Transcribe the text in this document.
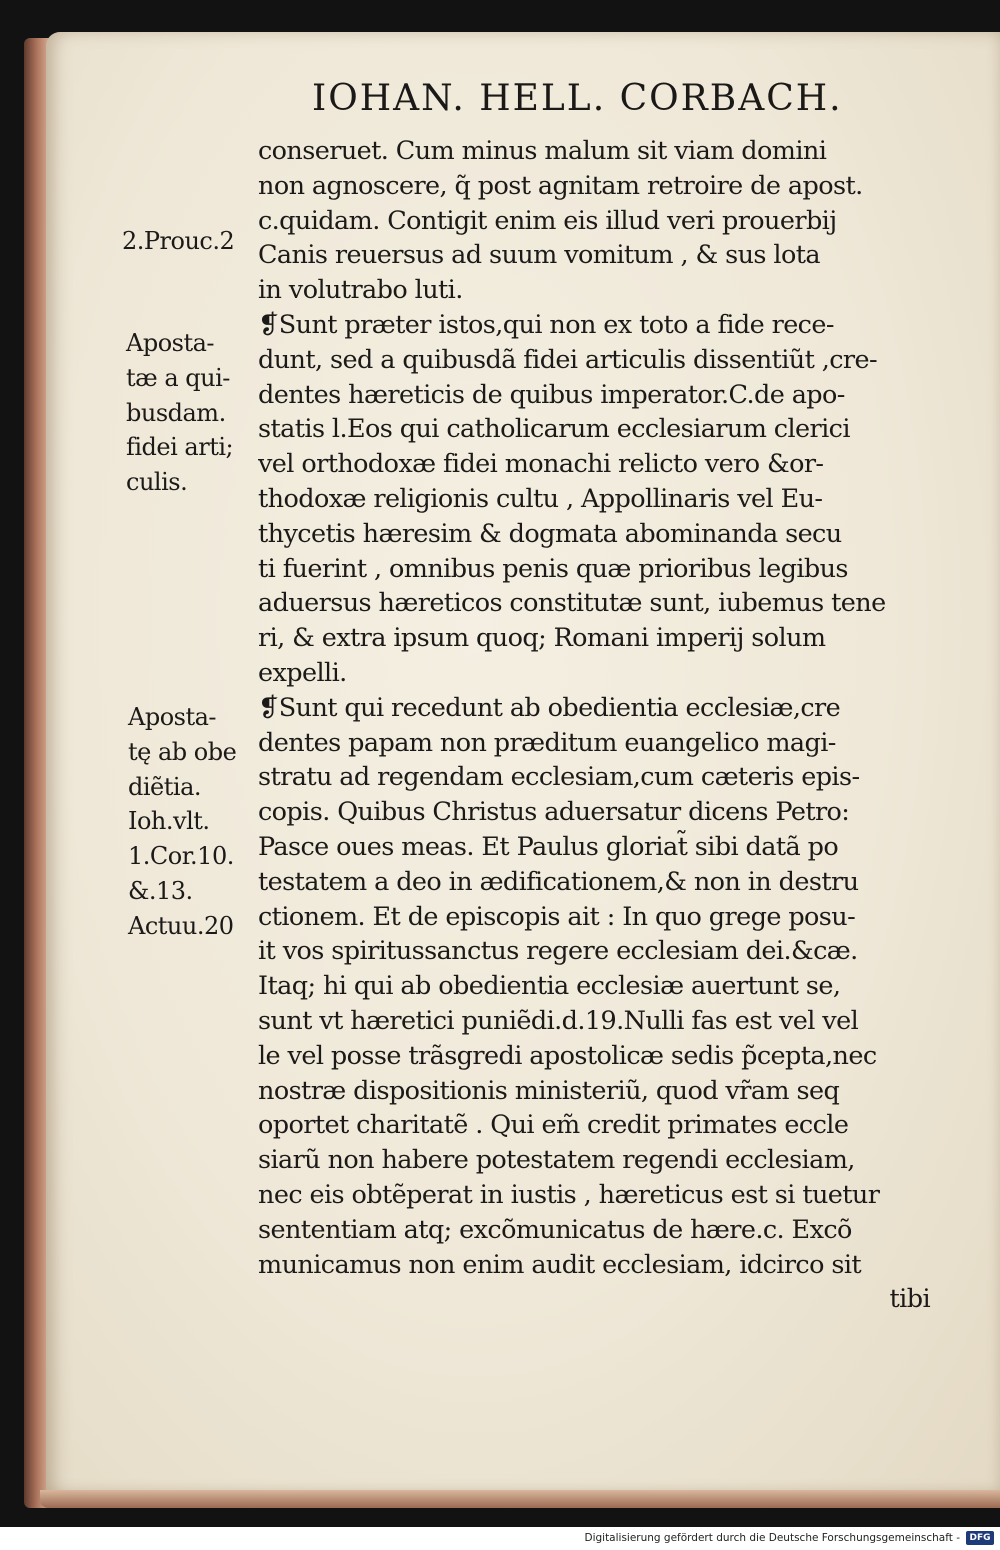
IOHAN. HELL. CORBACH.
2.Prouc.2
Aposta-
tæ a qui-
busdam.
fidei arti;
culis.
Aposta-
tę ab obe
diẽtia.
Ioh.vlt.
1.Cor.10.
&.13.
Actuu.20
conseruet. Cum minus malum sit viam domini
non agnoscere, q̃ post agnitam retroire de apost.
c.quidam. Contigit enim eis illud veri prouerbij
Canis reuersus ad suum vomitum , & sus lota
in volutrabo luti.
❡Sunt præter istos,qui non ex toto a fide rece-
dunt, sed a quibusdã fidei articulis dissentiũt ,cre-
dentes hæreticis de quibus imperator.C.de apo-
statis l.Eos qui catholicarum ecclesiarum clerici
vel orthodoxæ fidei monachi relicto vero &or-
thodoxæ religionis cultu , Appollinaris vel Eu-
thycetis hæresim & dogmata abominanda secu
ti fuerint , omnibus penis quæ prioribus legibus
aduersus hæreticos constitutæ sunt, iubemus tene
ri, & extra ipsum quoq; Romani imperij solum
expelli.
❡Sunt qui recedunt ab obedientia ecclesiæ,cre
dentes papam non præditum euangelico magi-
stratu ad regendam ecclesiam,cum cæteris epis-
copis. Quibus Christus aduersatur dicens Petro:
Pasce oues meas. Et Paulus gloriat̃ sibi datã po
testatem a deo in ædificationem,& non in destru
ctionem. Et de episcopis ait : In quo grege posu-
it vos spiritussanctus regere ecclesiam dei.&cæ.
Itaq; hi qui ab obedientia ecclesiæ auertunt se,
sunt vt hæretici puniẽdi.d.19.Nulli fas est vel vel
le vel posse trãsgredi apostolicæ sedis p̃cepta,nec
nostræ dispositionis ministeriũ, quod vr̃am seq
oportet charitatẽ . Qui em̃ credit primates eccle
siarũ non habere potestatem regendi ecclesiam,
nec eis obtẽperat in iustis , hæreticus est si tuetur
sententiam atq; excõmunicatus de hære.c. Excõ
municamus non enim audit ecclesiam, idcirco sit
tibi
Digitalisierung gefördert durch die Deutsche Forschungsgemeinschaft -	DFG
